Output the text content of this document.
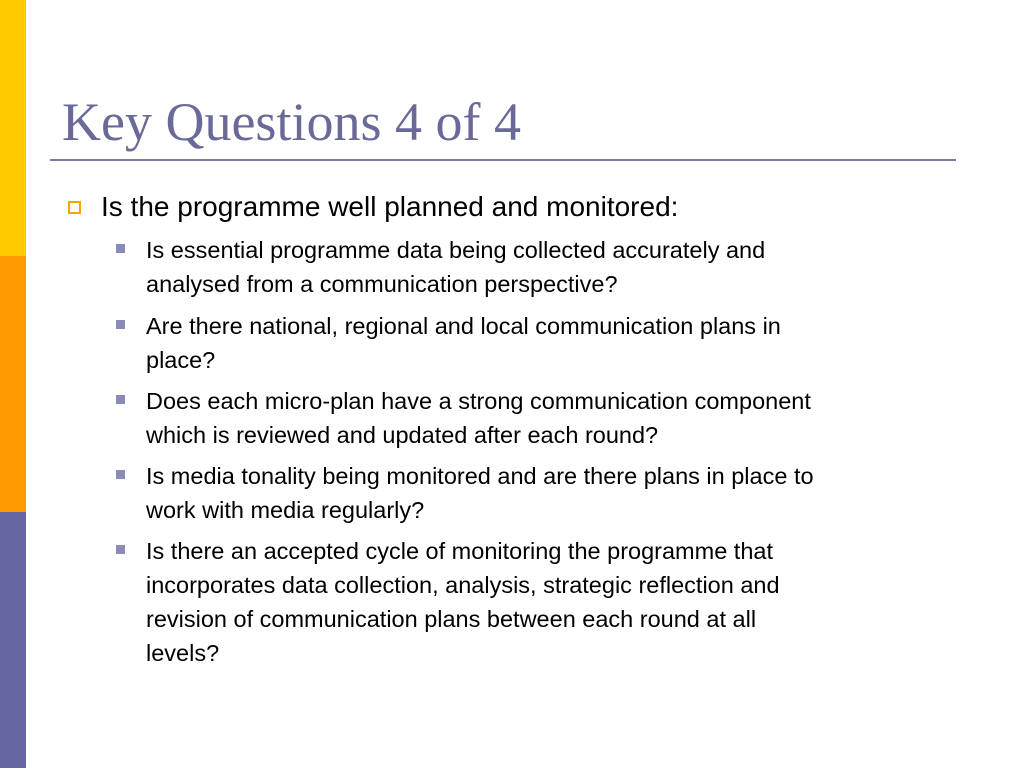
Key Questions 4 of 4
Is the programme well planned and monitored:
Is essential programme data being collected accurately and
analysed from a communication perspective?
Are there national, regional and local communication plans in
place?
Does each micro-plan have a strong communication component
which is reviewed and updated after each round?
Is media tonality being monitored and are there plans in place to
work with media regularly?
Is there an accepted cycle of monitoring the programme that
incorporates data collection, analysis, strategic reflection and
revision of communication plans between each round at all
levels?
